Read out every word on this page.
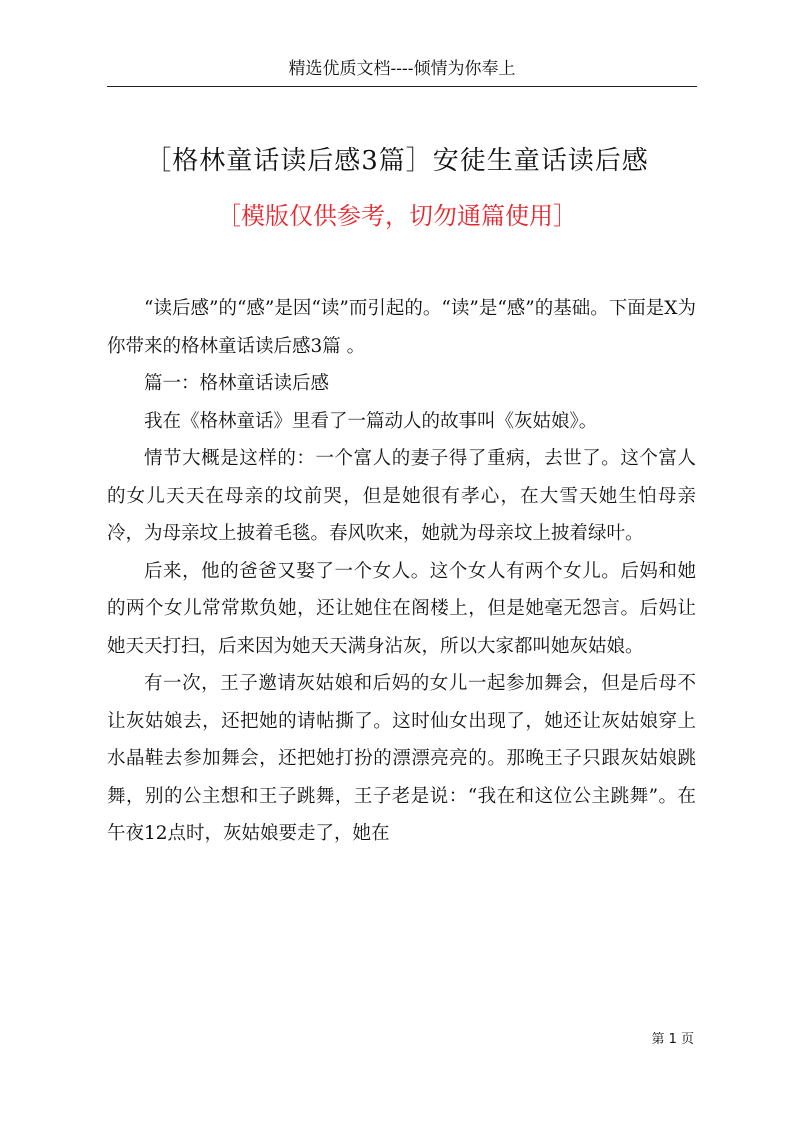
精选优质文档----倾情为你奉上
［格林童话读后感3篇］安徒生童话读后感
［模版仅供参考，切勿通篇使用］

“读后感”的“感”是因“读”而引起的。“读”是“感”的基础。下面是X为你带来的格林童话读后感3篇 。

篇一：格林童话读后感

我在《格林童话》里看了一篇动人的故事叫《灰姑娘》。

情节大概是这样的：一个富人的妻子得了重病，去世了。这个富人的女儿天天在母亲的坟前哭，但是她很有孝心，在大雪天她生怕母亲冷，为母亲坟上披着毛毯。春风吹来，她就为母亲坟上披着绿叶。

后来，他的爸爸又娶了一个女人。这个女人有两个女儿。后妈和她的两个女儿常常欺负她，还让她住在阁楼上，但是她毫无怨言。后妈让她天天打扫，后来因为她天天满身沾灰，所以大家都叫她灰姑娘。

有一次，王子邀请灰姑娘和后妈的女儿一起参加舞会，但是后母不让灰姑娘去，还把她的请帖撕了。这时仙女出现了，她还让灰姑娘穿上水晶鞋去参加舞会，还把她打扮的漂漂亮亮的。那晚王子只跟灰姑娘跳舞，别的公主想和王子跳舞，王子老是说：“我在和这位公主跳舞”。在午夜12点时，灰姑娘要走了，她在

第 1 页
